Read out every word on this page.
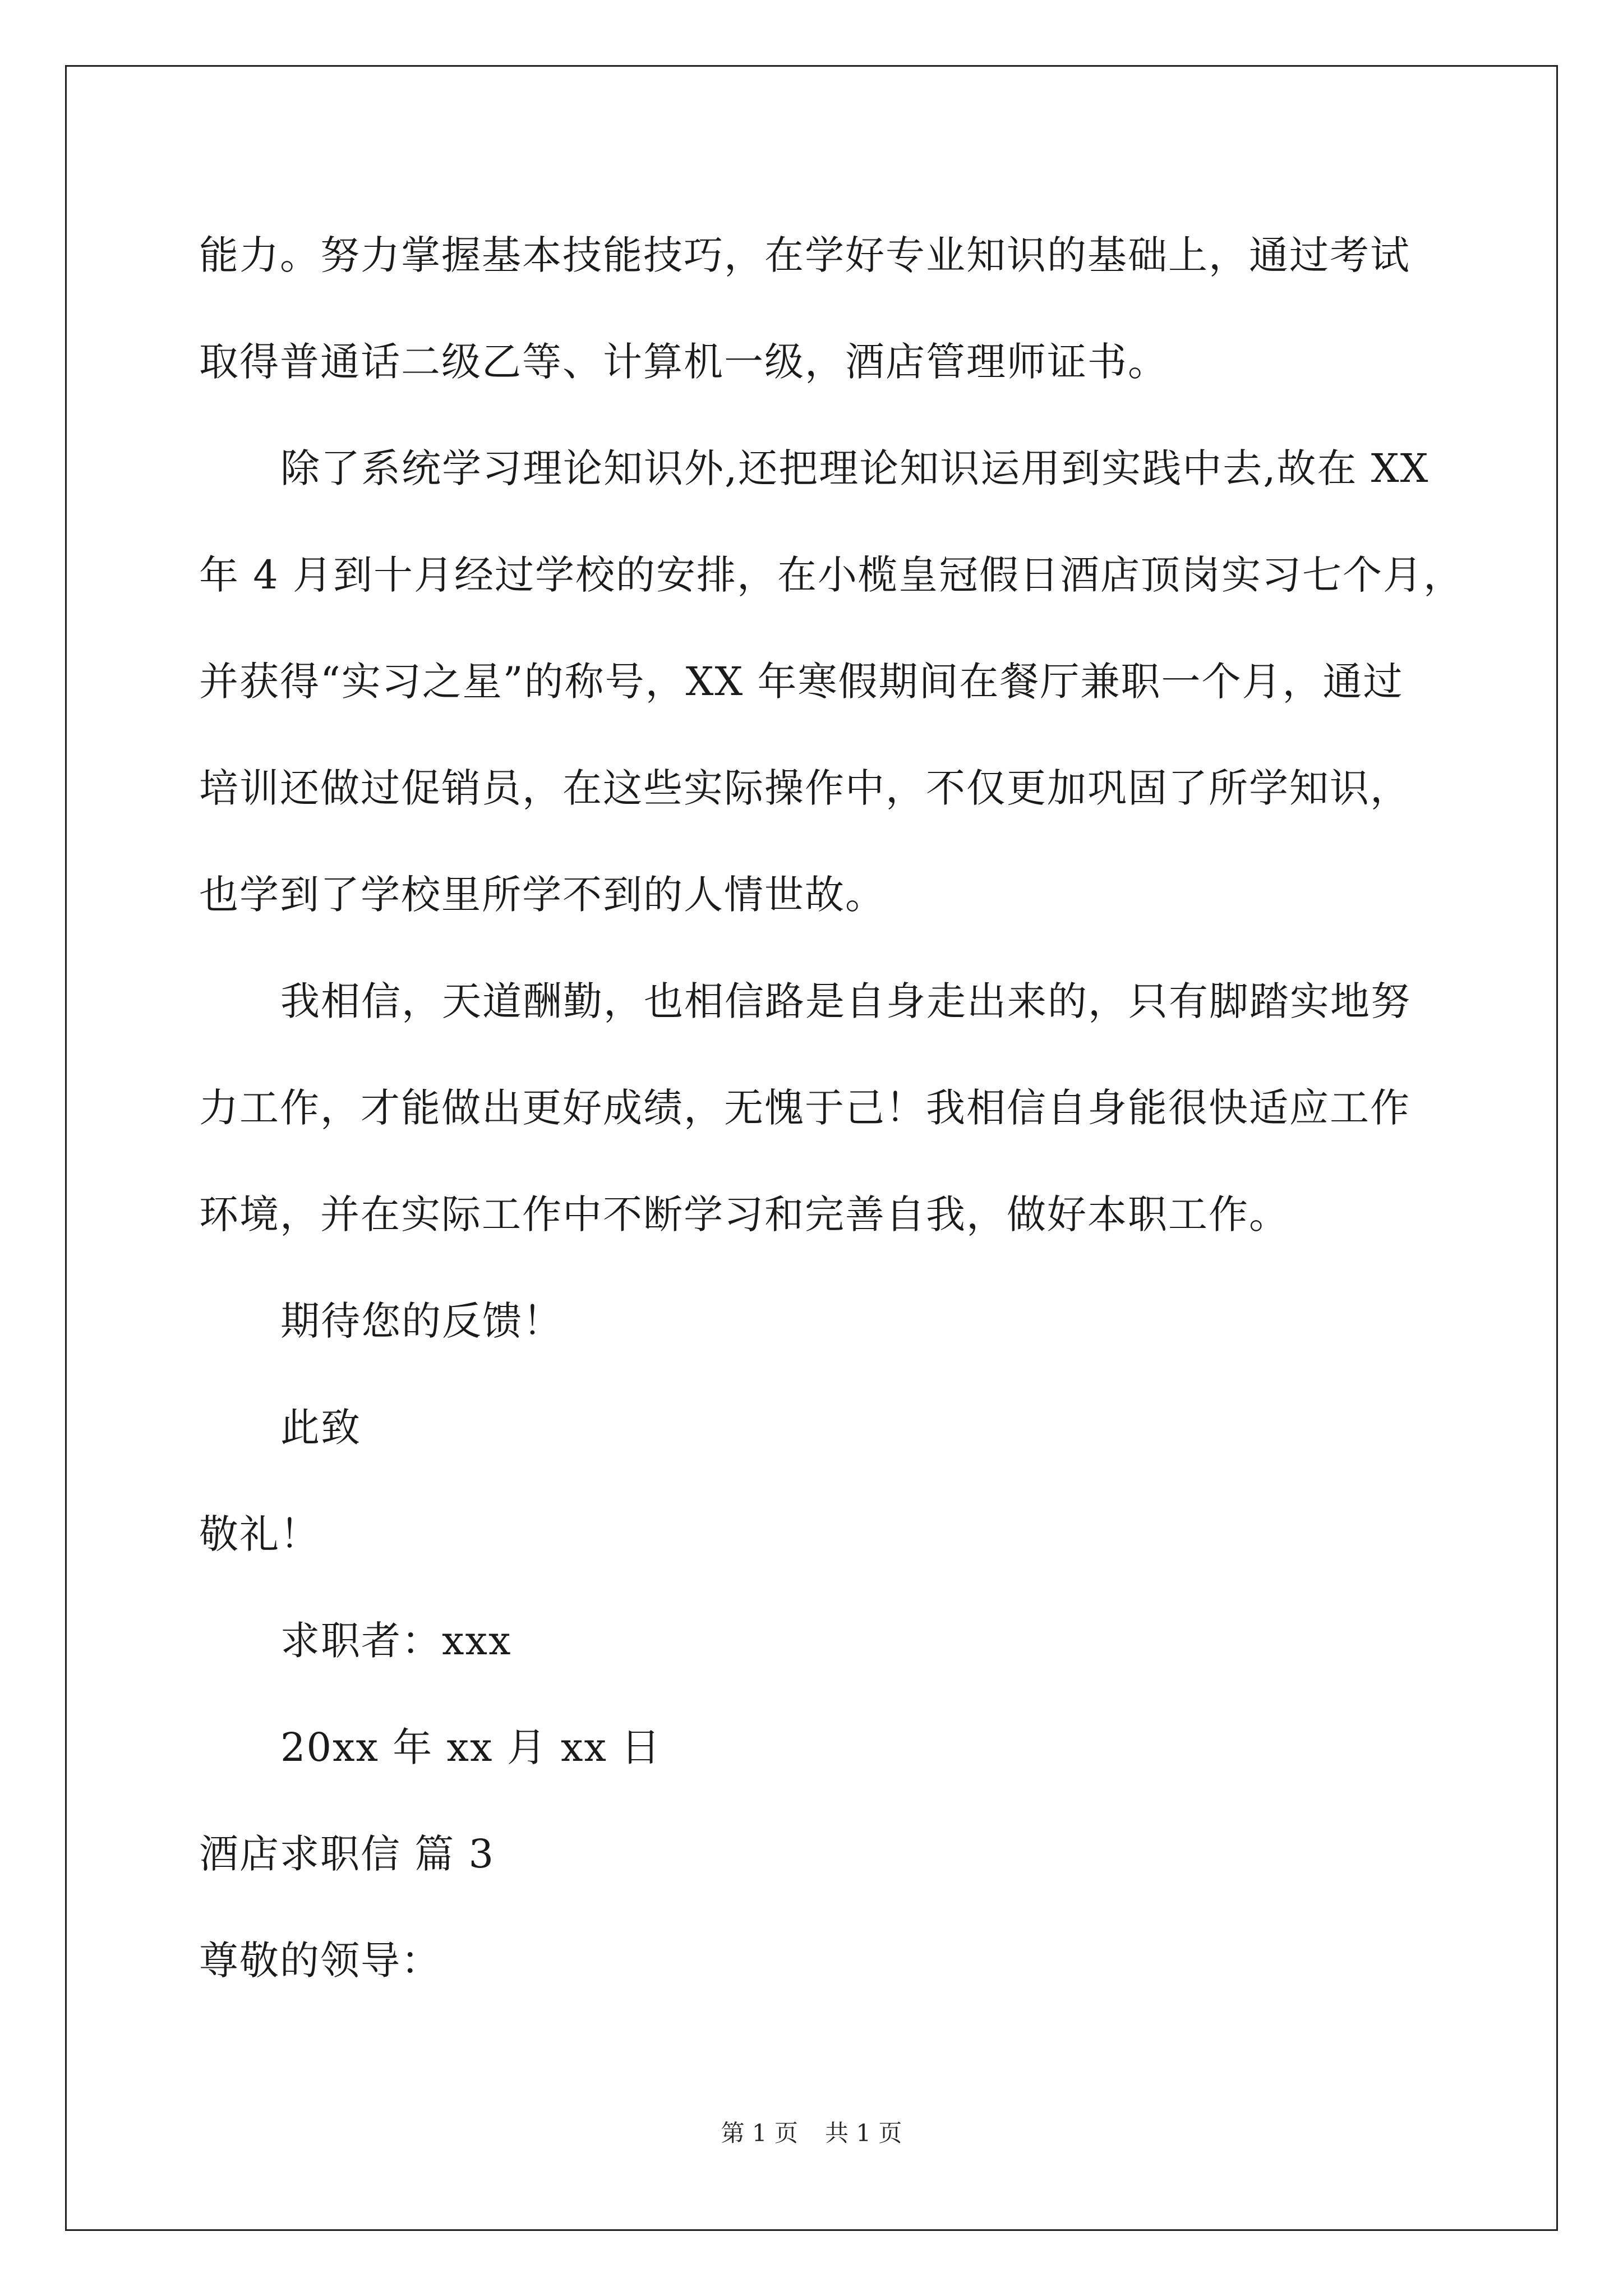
能力。努力掌握基本技能技巧，在学好专业知识的基础上，通过考试
取得普通话二级乙等、计算机一级，酒店管理师证书。
除了系统学习理论知识外,还把理论知识运用到实践中去,故在 XX
年 4 月到十月经过学校的安排，在小榄皇冠假日酒店顶岗实习七个月，
并获得“实习之星”的称号，XX 年寒假期间在餐厅兼职一个月，通过
培训还做过促销员，在这些实际操作中，不仅更加巩固了所学知识，
也学到了学校里所学不到的人情世故。
我相信，天道酬勤，也相信路是自身走出来的，只有脚踏实地努
力工作，才能做出更好成绩，无愧于己！我相信自身能很快适应工作
环境，并在实际工作中不断学习和完善自我，做好本职工作。
期待您的反馈！
此致
敬礼！
求职者：xxx
20xx 年 xx 月 xx 日
酒店求职信 篇 3
尊敬的领导：
第 1 页 共 1 页
